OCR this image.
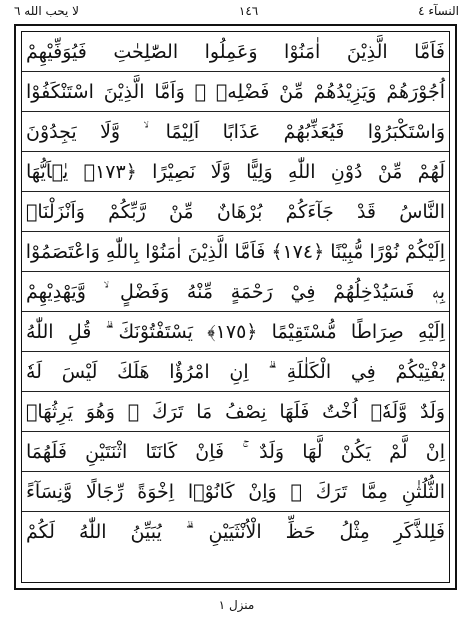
النسآء ٤
١٤٦
لا يحب الله ٦
فَاَمَّا الَّذِيْنَ اٰمَنُوْا وَعَمِلُوا الصّٰلِحٰتِ فَيُوَفِّيْهِمْ
اُجُوْرَهُمْ وَيَزِيْدُهُمْ مِّنْ فَضْلِهٖ ۚ وَاَمَّا الَّذِيْنَ اسْتَنْكَفُوْا
وَاسْتَكْبَرُوْا فَيُعَذِّبُهُمْ عَذَابًا اَلِيْمًا ۙ وَّلَا يَجِدُوْنَ
لَهُمْ مِّنْ دُوْنِ اللّٰهِ وَلِيًّا وَّلَا نَصِيْرًا ﴿١٧٣﴾ يٰۤاَيُّهَا
النَّاسُ قَدْ جَآءَكُمْ بُرْهَانٌ مِّنْ رَّبِّكُمْ وَاَنْزَلْنَاۤ
اِلَيْكُمْ نُوْرًا مُّبِيْنًا ﴿١٧٤﴾ فَاَمَّا الَّذِيْنَ اٰمَنُوْا بِاللّٰهِ وَاعْتَصَمُوْا
بِهٖ فَسَيُدْخِلُهُمْ فِيْ رَحْمَةٍ مِّنْهُ وَفَضْلٍ ۙ وَّيَهْدِيْهِمْ
اِلَيْهِ صِرَاطًا مُّسْتَقِيْمًا ﴿١٧٥﴾ يَسْتَفْتُوْنَكَ ۗ قُلِ اللّٰهُ
يُفْتِيْكُمْ فِي الْكَلٰلَةِ ۗ اِنِ امْرُؤٌا هَلَكَ لَيْسَ لَهٗ
وَلَدٌ وَّلَهٗۤ اُخْتٌ فَلَهَا نِصْفُ مَا تَرَكَ ۚ وَهُوَ يَرِثُهَاۤ
اِنْ لَّمْ يَكُنْ لَّهَا وَلَدٌ ۚ فَاِنْ كَانَتَا اثْنَتَيْنِ فَلَهُمَا
الثُّلُثٰنِ مِمَّا تَرَكَ ۚ وَاِنْ كَانُوْۤا اِخْوَةً رِّجَالًا وَّنِسَآءً
فَلِلذَّكَرِ مِثْلُ حَظِّ الْاُنْثَيَيْنِ ۗ يُبَيِّنُ اللّٰهُ لَكُمْ
منزل ١
